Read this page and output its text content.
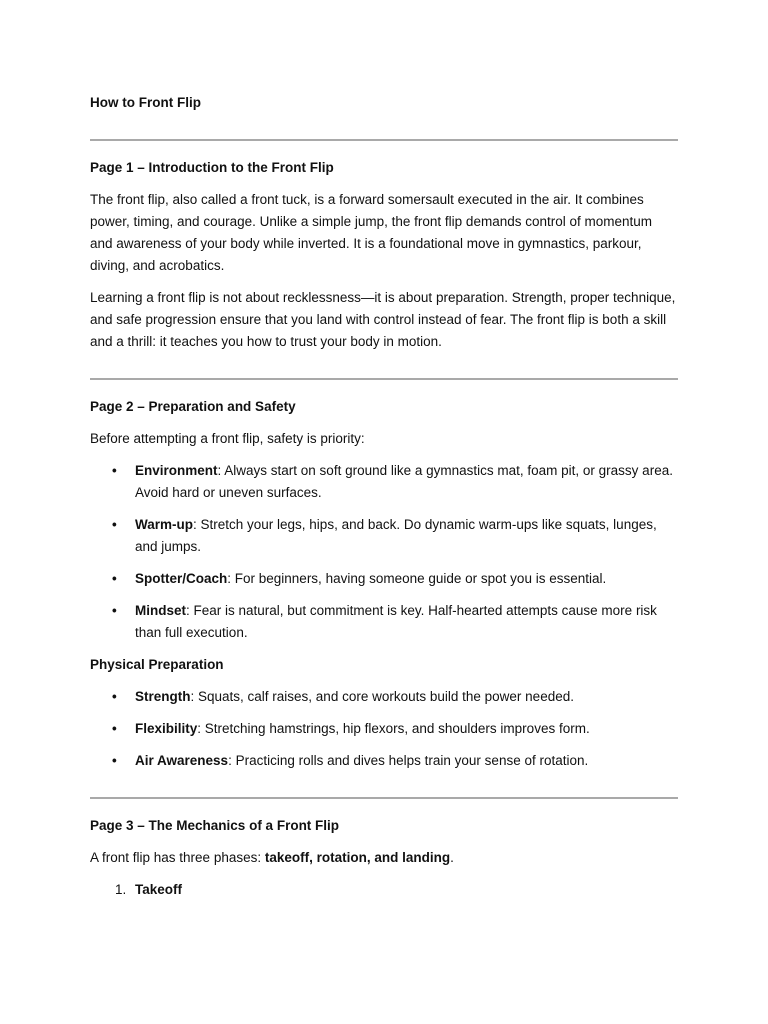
How to Front Flip
Page 1 – Introduction to the Front Flip

The front flip, also called a front tuck, is a forward somersault executed in the air. It combines power, timing, and courage. Unlike a simple jump, the front flip demands control of momentum and awareness of your body while inverted. It is a foundational move in gymnastics, parkour, diving, and acrobatics.

Learning a front flip is not about recklessness—it is about preparation. Strength, proper technique, and safe progression ensure that you land with control instead of fear. The front flip is both a skill and a thrill: it teaches you how to trust your body in motion.

Page 2 – Preparation and Safety

Before attempting a front flip, safety is priority:

• Environment: Always start on soft ground like a gymnastics mat, foam pit, or grassy area. Avoid hard or uneven surfaces.
• Warm-up: Stretch your legs, hips, and back. Do dynamic warm-ups like squats, lunges, and jumps.
• Spotter/Coach: For beginners, having someone guide or spot you is essential.
• Mindset: Fear is natural, but commitment is key. Half-hearted attempts cause more risk than full execution.
Physical Preparation
• Strength: Squats, calf raises, and core workouts build the power needed.
• Flexibility: Stretching hamstrings, hip flexors, and shoulders improves form.
• Air Awareness: Practicing rolls and dives helps train your sense of rotation.
Page 3 – The Mechanics of a Front Flip

A front flip has three phases: takeoff, rotation, and landing.

1. Takeoff
